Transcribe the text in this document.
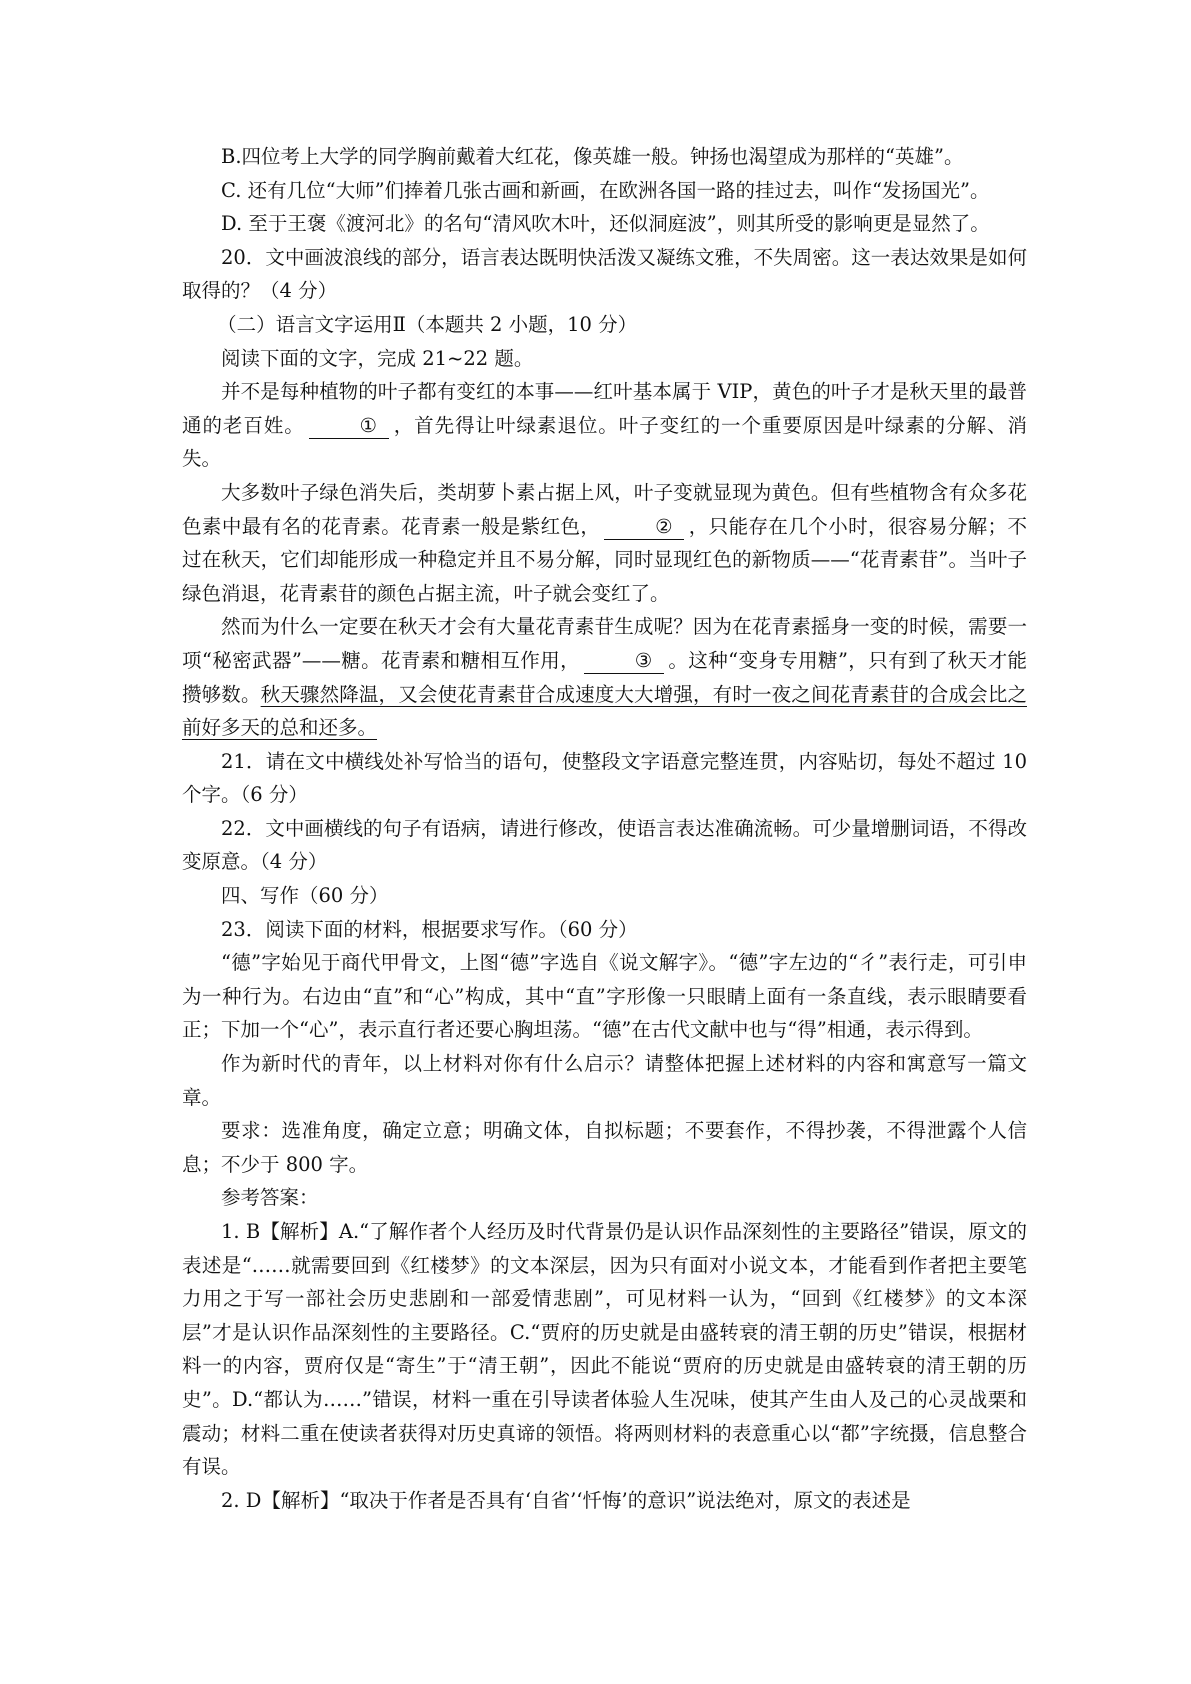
B.四位考上大学的同学胸前戴着大红花，像英雄一般。钟扬也渴望成为那样的“英雄”。

C. 还有几位“大师”们捧着几张古画和新画，在欧洲各国一路的挂过去，叫作“发扬国光”。

D. 至于王褒《渡河北》的名句“清风吹木叶，还似洞庭波”，则其所受的影响更是显然了。

20．文中画波浪线的部分，语言表达既明快活泼又凝练文雅，不失周密。这一表达效果是如何取得的？（4 分）

（二）语言文字运用Ⅱ（本题共 2 小题，10 分）

阅读下面的文字，完成 21~22 题。

并不是每种植物的叶子都有变红的本事——红叶基本属于 VIP，黄色的叶子才是秋天里的最普通的老百姓。	① ，首先得让叶绿素退位。叶子变红的一个重要原因是叶绿素的分解、消失。

大多数叶子绿色消失后，类胡萝卜素占据上风，叶子变就显现为黄色。但有些植物含有众多花色素中最有名的花青素。花青素一般是紫红色，	② ，只能存在几个小时，很容易分解；不过在秋天，它们却能形成一种稳定并且不易分解，同时显现红色的新物质——“花青素苷”。当叶子绿色消退，花青素苷的颜色占据主流，叶子就会变红了。

然而为什么一定要在秋天才会有大量花青素苷生成呢？因为在花青素摇身一变的时候，需要一项“秘密武器”——糖。花青素和糖相互作用，	③ 。这种“变身专用糖”，只有到了秋天才能攒够数。秋天骤然降温，又会使花青素苷合成速度大大增强，有时一夜之间花青素苷的合成会比之前好多天的总和还多。

21．请在文中横线处补写恰当的语句，使整段文字语意完整连贯，内容贴切，每处不超过 10 个字。（6 分）

22．文中画横线的句子有语病，请进行修改，使语言表达准确流畅。可少量增删词语，不得改变原意。（4 分）

四、写作（60 分）

23．阅读下面的材料，根据要求写作。（60 分）

“德”字始见于商代甲骨文，上图“德”字选自《说文解字》。“德”字左边的“彳”表行走，可引申为一种行为。右边由“直”和“心”构成，其中“直”字形像一只眼睛上面有一条直线，表示眼睛要看正；下加一个“心”，表示直行者还要心胸坦荡。“德”在古代文献中也与“得”相通，表示得到。

作为新时代的青年，以上材料对你有什么启示？请整体把握上述材料的内容和寓意写一篇文章。

要求：选准角度，确定立意；明确文体，自拟标题；不要套作，不得抄袭，不得泄露个人信息；不少于 800 字。

参考答案：

1. B【解析】A.“了解作者个人经历及时代背景仍是认识作品深刻性的主要路径”错误，原文的表述是“……就需要回到《红楼梦》的文本深层，因为只有面对小说文本，才能看到作者把主要笔力用之于写一部社会历史悲剧和一部爱情悲剧”，可见材料一认为，“回到《红楼梦》的文本深层”才是认识作品深刻性的主要路径。C.“贾府的历史就是由盛转衰的清王朝的历史”错误，根据材料一的内容，贾府仅是“寄生”于“清王朝”，因此不能说“贾府的历史就是由盛转衰的清王朝的历史”。D.“都认为……”错误，材料一重在引导读者体验人生况味，使其产生由人及己的心灵战栗和震动；材料二重在使读者获得对历史真谛的领悟。将两则材料的表意重心以“都”字统摄，信息整合有误。

2. D【解析】“取决于作者是否具有‘自省’‘忏悔’的意识”说法绝对，原文的表述是
